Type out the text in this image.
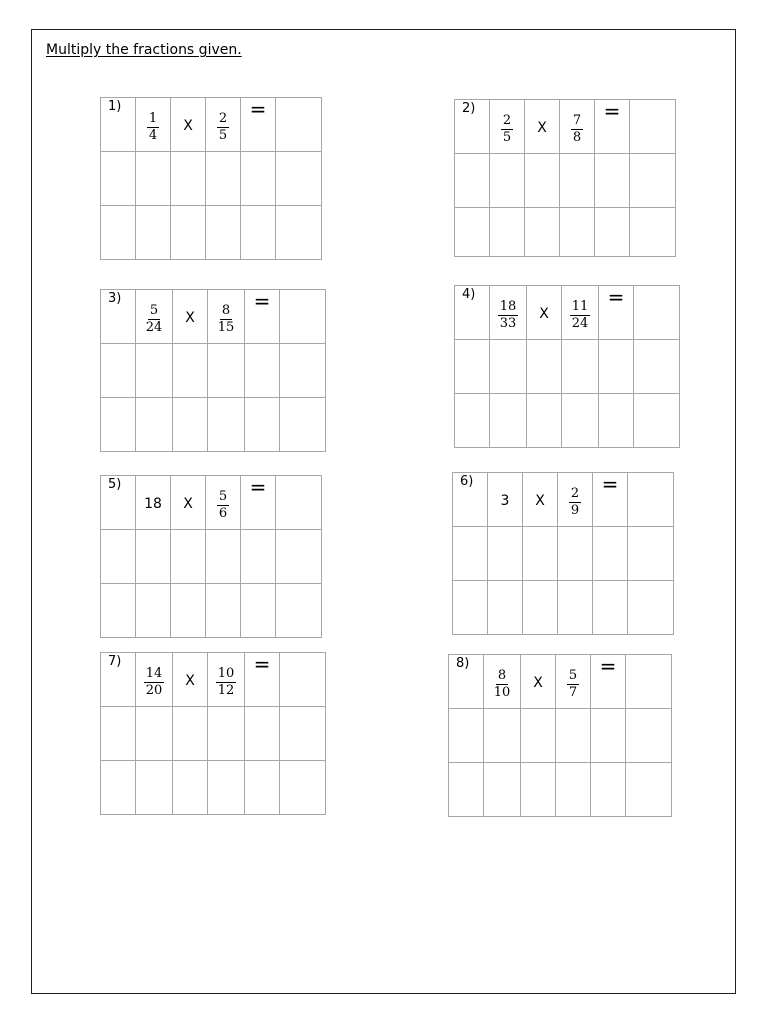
Multiply the fractions given.
1)	$\frac{1}{4}$	X	$\frac{2}{5}$	=	

						2)	$\frac{2}{5}$	X	$\frac{7}{8}$	=	

3)	$\frac{5}{24}$	X	$\frac{8}{15}$	=	

						4)	$\frac{18}{33}$	X	$\frac{11}{24}$	=	

5)	18	X	$\frac{5}{6}$	=	

						6)	3	X	$\frac{2}{9}$	=	

7)	$\frac{14}{20}$	X	$\frac{10}{12}$	=	

						8)	$\frac{8}{10}$	X	$\frac{5}{7}$	=	
